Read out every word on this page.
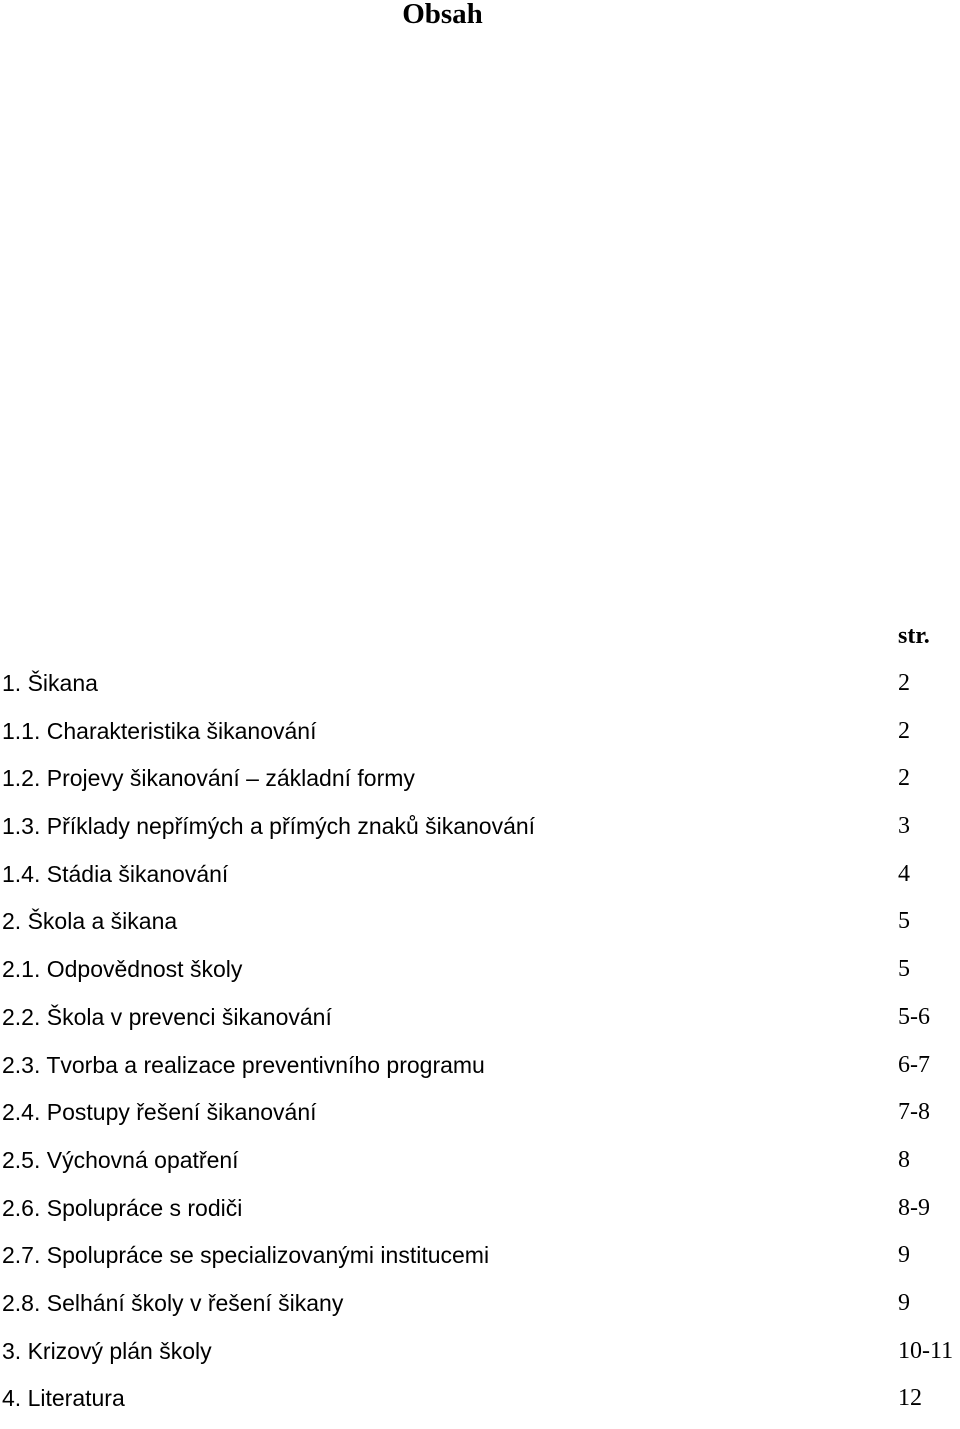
Obsah
str.
1. Šikana	2
1.1. Charakteristika šikanování	2
1.2. Projevy šikanování – základní formy	2
1.3. Příklady nepřímých a přímých znaků šikanování	3
1.4. Stádia šikanování	4
2. Škola a šikana	5
2.1. Odpovědnost školy	5
2.2. Škola v prevenci šikanování	5-6
2.3. Tvorba a realizace preventivního programu	6-7
2.4. Postupy řešení šikanování	7-8
2.5. Výchovná opatření	8
2.6. Spolupráce s rodiči	8-9
2.7. Spolupráce se specializovanými institucemi	9
2.8. Selhání školy v řešení šikany	9
3. Krizový plán školy	10-11
4. Literatura	12
